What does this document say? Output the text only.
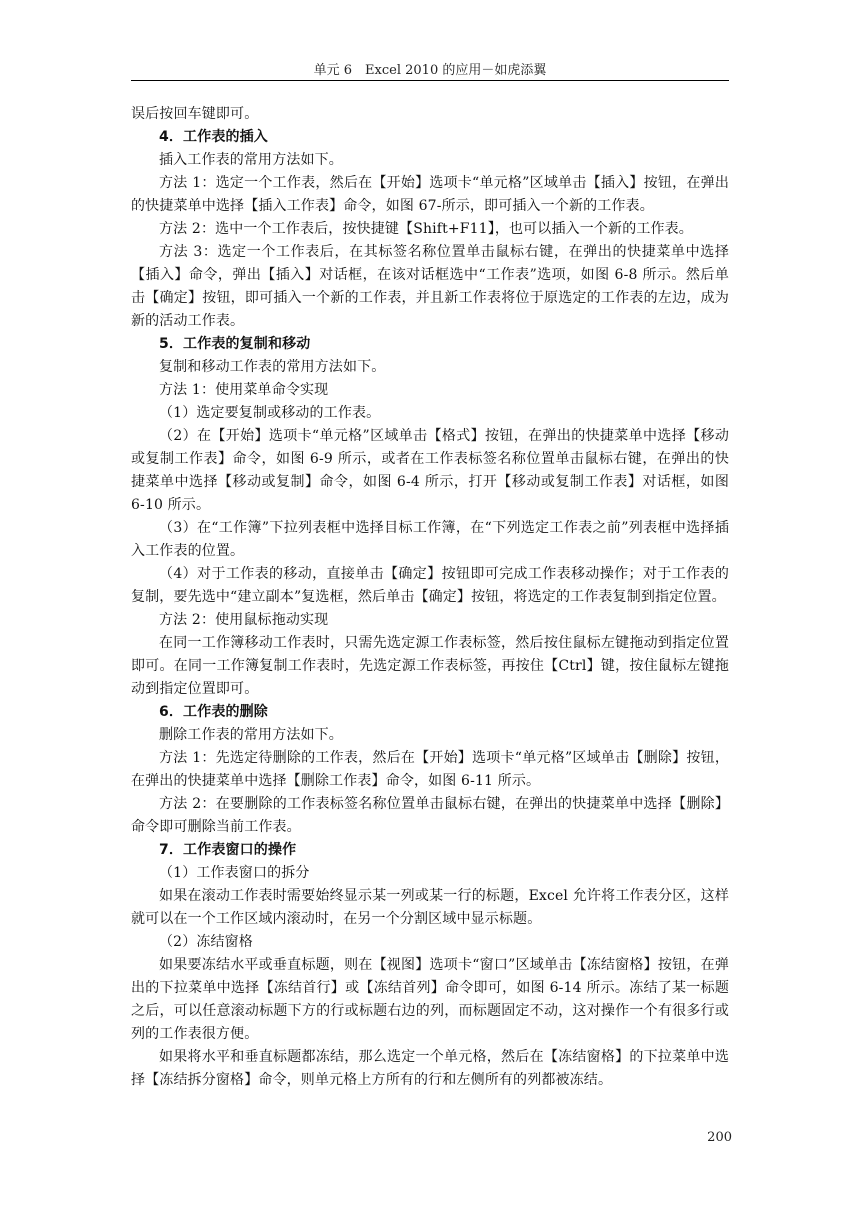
单元 6　Excel 2010 的应用－如虎添翼

误后按回车键即可。

4．工作表的插入

插入工作表的常用方法如下。

方法 1：选定一个工作表，然后在【开始】选项卡“单元格”区域单击【插入】按钮，在弹出的快捷菜单中选择【插入工作表】命令，如图 67-所示，即可插入一个新的工作表。

方法 2：选中一个工作表后，按快捷键【Shift+F11】，也可以插入一个新的工作表。

方法 3：选定一个工作表后，在其标签名称位置单击鼠标右键，在弹出的快捷菜单中选择【插入】命令，弹出【插入】对话框，在该对话框选中“工作表”选项，如图 6-8 所示。然后单击【确定】按钮，即可插入一个新的工作表，并且新工作表将位于原选定的工作表的左边，成为新的活动工作表。

5．工作表的复制和移动

复制和移动工作表的常用方法如下。

方法 1：使用菜单命令实现

（1）选定要复制或移动的工作表。

（2）在【开始】选项卡“单元格”区域单击【格式】按钮，在弹出的快捷菜单中选择【移动或复制工作表】命令，如图 6-9 所示，或者在工作表标签名称位置单击鼠标右键，在弹出的快捷菜单中选择【移动或复制】命令，如图 6-4 所示，打开【移动或复制工作表】对话框，如图 6-10 所示。

（3）在“工作簿”下拉列表框中选择目标工作簿，在“下列选定工作表之前”列表框中选择插入工作表的位置。

（4）对于工作表的移动，直接单击【确定】按钮即可完成工作表移动操作；对于工作表的复制，要先选中“建立副本”复选框，然后单击【确定】按钮，将选定的工作表复制到指定位置。

方法 2：使用鼠标拖动实现

在同一工作簿移动工作表时，只需先选定源工作表标签，然后按住鼠标左键拖动到指定位置即可。在同一工作簿复制工作表时，先选定源工作表标签，再按住【Ctrl】键，按住鼠标左键拖动到指定位置即可。

6．工作表的删除

删除工作表的常用方法如下。

方法 1：先选定待删除的工作表，然后在【开始】选项卡“单元格”区域单击【删除】按钮，在弹出的快捷菜单中选择【删除工作表】命令，如图 6-11 所示。

方法 2：在要删除的工作表标签名称位置单击鼠标右键，在弹出的快捷菜单中选择【删除】命令即可删除当前工作表。

7．工作表窗口的操作

（1）工作表窗口的拆分

如果在滚动工作表时需要始终显示某一列或某一行的标题，Excel 允许将工作表分区，这样就可以在一个工作区域内滚动时，在另一个分割区域中显示标题。

（2）冻结窗格

如果要冻结水平或垂直标题，则在【视图】选项卡“窗口”区域单击【冻结窗格】按钮，在弹出的下拉菜单中选择【冻结首行】或【冻结首列】命令即可，如图 6-14 所示。冻结了某一标题之后，可以任意滚动标题下方的行或标题右边的列，而标题固定不动，这对操作一个有很多行或列的工作表很方便。

如果将水平和垂直标题都冻结，那么选定一个单元格，然后在【冻结窗格】的下拉菜单中选择【冻结拆分窗格】命令，则单元格上方所有的行和左侧所有的列都被冻结。

200
